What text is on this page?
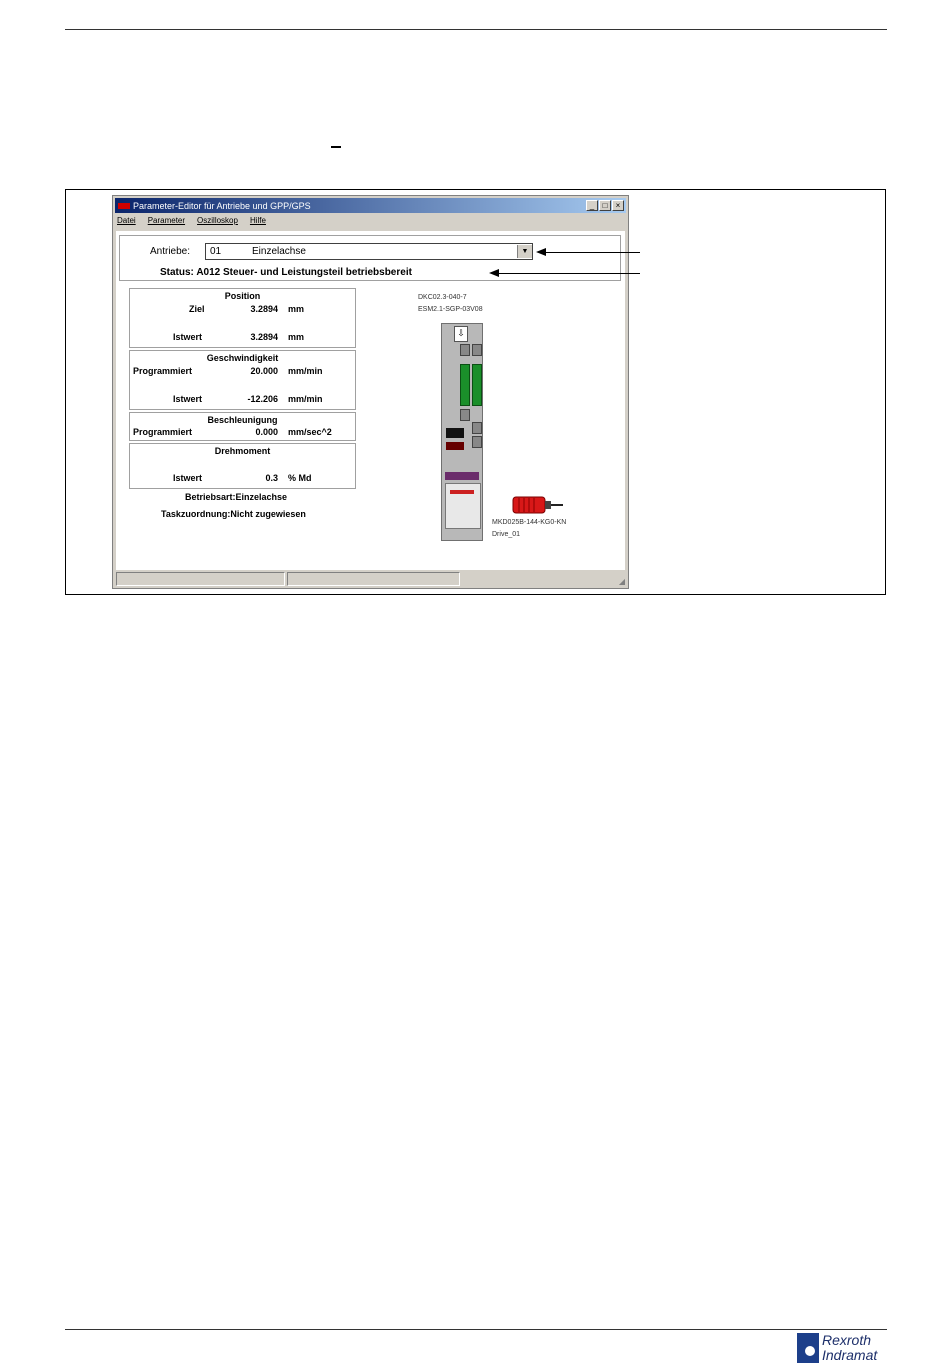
Parameter-Editor für Antriebe und GPP/GPS	_	□	×
Datei Parameter Oszilloskop Hilfe
Antriebe:	01	Einzelachse	▼
Status: A012 Steuer- und Leistungsteil betriebsbereit
Position
Ziel	3.2894 mm
Istwert	3.2894 mm
Geschwindigkeit
Programmiert	20.000 mm/min
Istwert	-12.206 mm/min
Beschleunigung
Programmiert	0.000 mm/sec^2
Drehmoment
Istwert	0.3 % Md
Betriebsart:Einzelachse
Taskzuordnung:Nicht zugewiesen
DKC02.3-040-7
ESM2.1-SGP-03V08
⇩
MKD025B-144-KG0-KN
Drive_01
◢
Rexroth
Indramat
